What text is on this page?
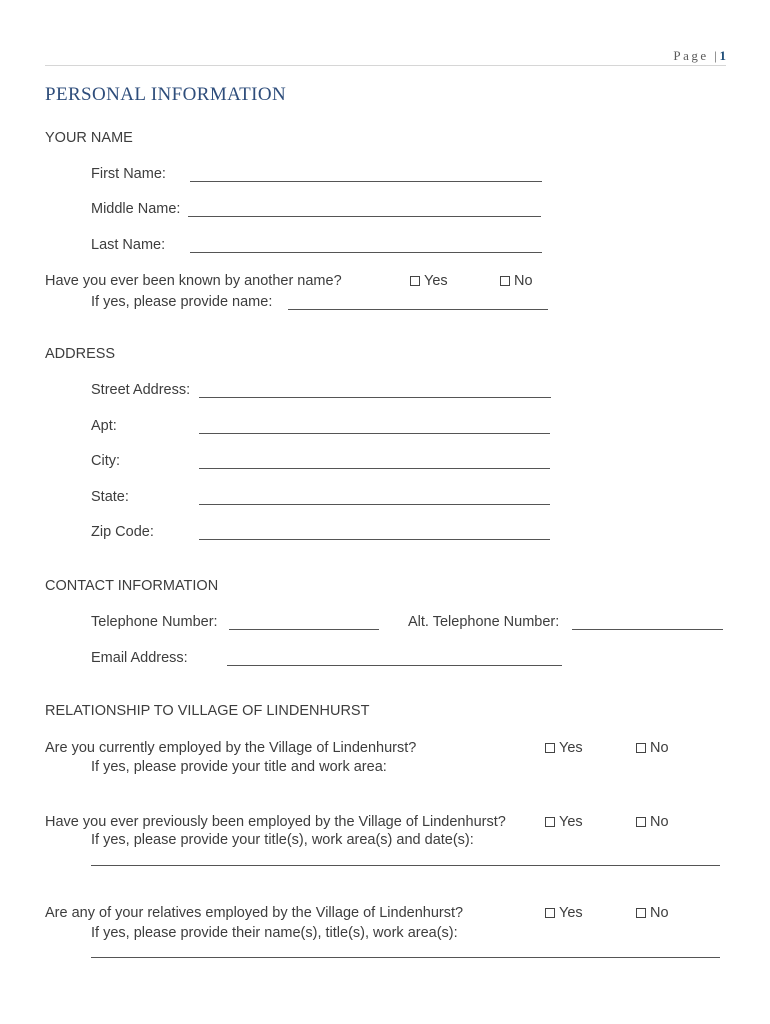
Page |1
PERSONAL INFORMATION
YOUR NAME
First Name:
Middle Name:
Last Name:
Have you ever been known by another name?	Yes	No
If yes, please provide name:
ADDRESS
Street Address:
Apt:
City:
State:
Zip Code:
CONTACT INFORMATION
Telephone Number:	Alt. Telephone Number:
Email Address:
RELATIONSHIP TO VILLAGE OF LINDENHURST
Are you currently employed by the Village of Lindenhurst?	Yes	No
If yes, please provide your title and work area:
Have you ever previously been employed by the Village of Lindenhurst?	Yes	No
If yes, please provide your title(s), work area(s) and date(s):
Are any of your relatives employed by the Village of Lindenhurst?	Yes	No
If yes, please provide their name(s), title(s), work area(s):
